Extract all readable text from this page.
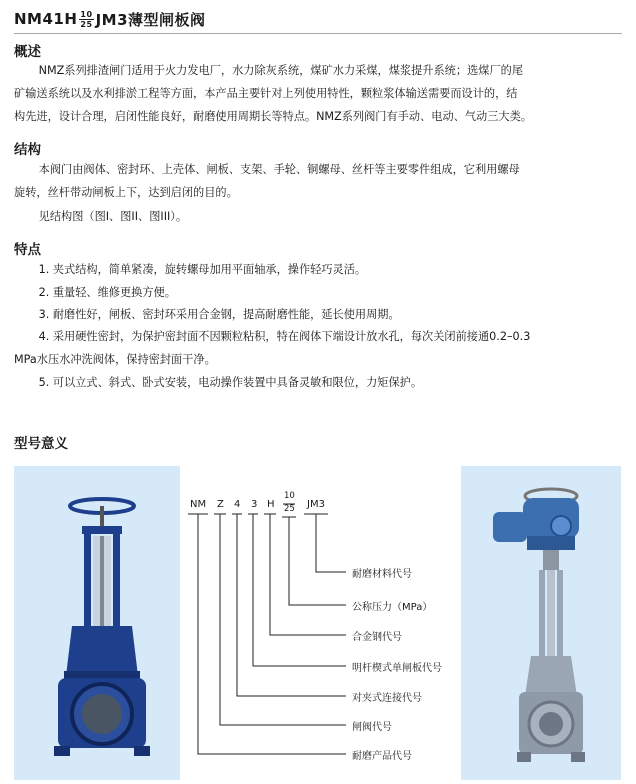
$NM41H \frac{10}{25} JM3$薄型闸板阀
概述
NMZ系列排渣闸门适用于火力发电厂，水力除灰系统，煤矿水力采煤，煤浆提升系统；选煤厂的尾
矿输送系统以及水利排淤工程等方面，本产品主要针对上列使用特性，颗粒浆体输送需要而设计的，结
构先进，设计合理，启闭性能良好，耐磨使用周期长等特点。NMZ系列阀门有手动、电动、气动三大类。
结构
本阀门由阀体、密封环、上壳体、闸板、支架、手轮、铜螺母、丝杆等主要零件组成，它利用螺母
旋转，丝杆带动闸板上下，达到启闭的目的。
见结构图（图I、图II、图III）。
特点
1. 夹式结构，简单紧凑，旋转螺母加用平面轴承，操作轻巧灵活。
2. 重量轻、维修更换方便。
3. 耐磨性好，闸板、密封环采用合金钢，提高耐磨性能，延长使用周期。
4. 采用硬性密封，为保护密封面不因颗粒粘积，特在阀体下端设计放水孔，每次关闭前接通0.2–0.3
MPa水压水冲洗阀体，保持密封面干净。
5. 可以立式、斜式、卧式安装，电动操作装置中具备灵敏和限位，力矩保护。
型号意义
NM Z 4 3 H
10
25 JM3
耐磨材料代号
公称压力（MPa）
合金钢代号
明杆楔式单闸板代号
对夹式连接代号
闸阀代号
耐磨产品代号
